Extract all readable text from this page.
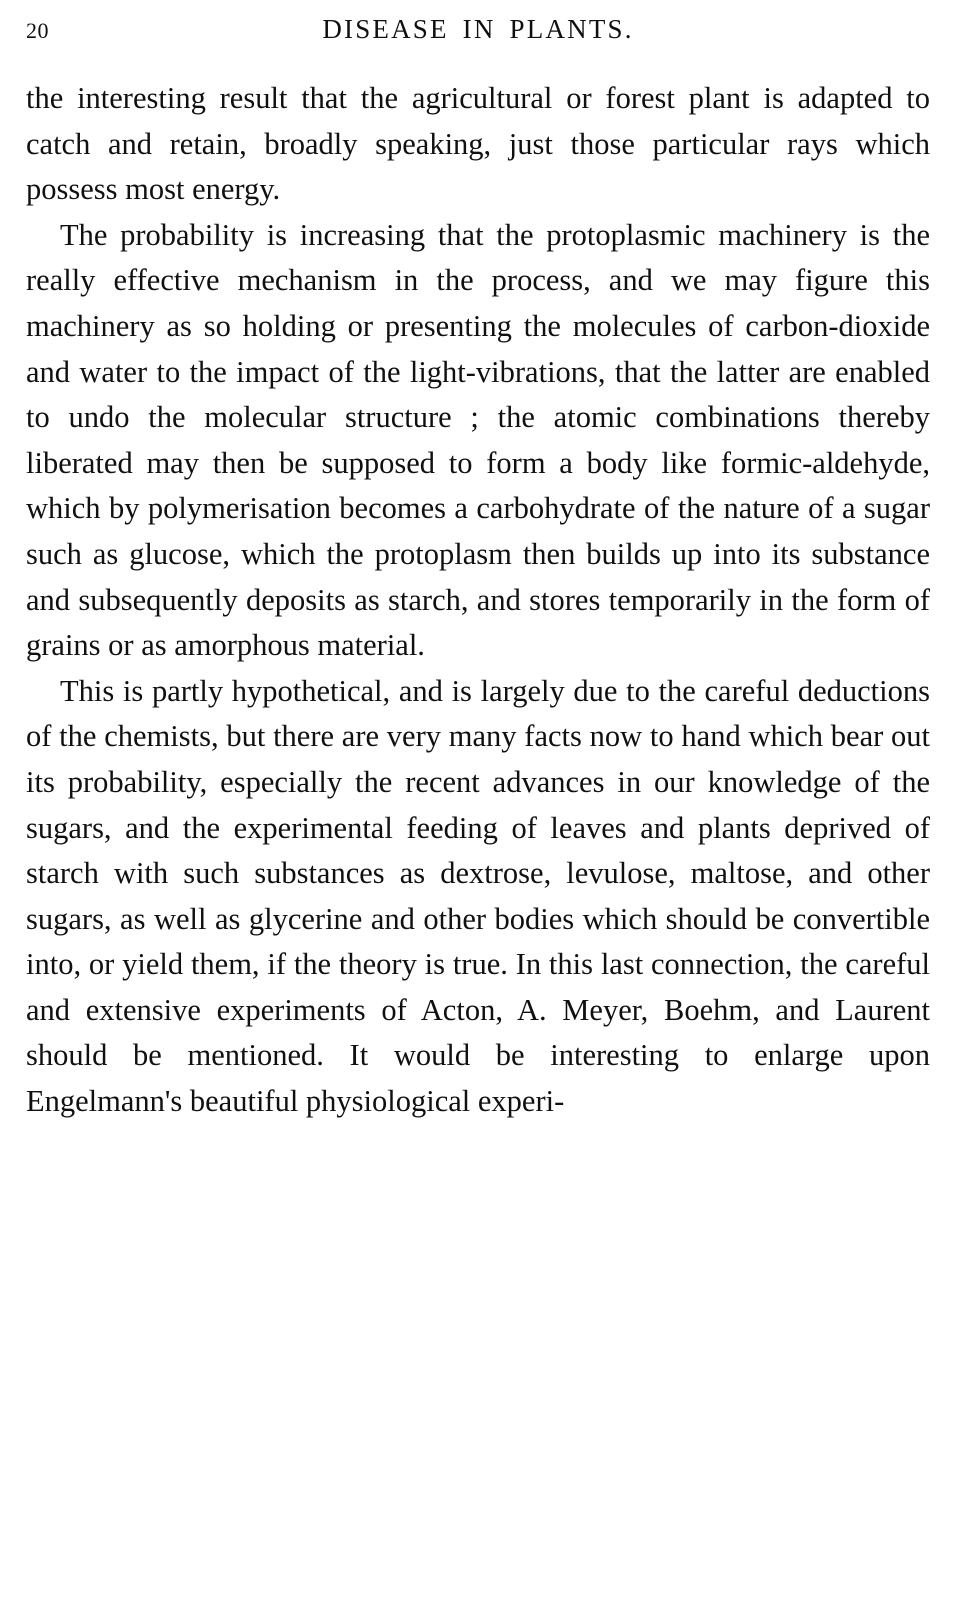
20	DISEASE IN PLANTS.

the interesting result that the agricultural or forest plant is adapted to catch and retain, broadly speaking, just those particular rays which possess most energy.

The probability is increasing that the protoplasmic machinery is the really effective mechanism in the process, and we may figure this machinery as so holding or presenting the molecules of carbon-dioxide and water to the impact of the light-vibrations, that the latter are enabled to undo the molecular structure ; the atomic combinations thereby liberated may then be supposed to form a body like formic-aldehyde, which by polymerisation becomes a carbohydrate of the nature of a sugar such as glucose, which the protoplasm then builds up into its substance and subsequently deposits as starch, and stores temporarily in the form of grains or as amorphous material.

This is partly hypothetical, and is largely due to the careful deductions of the chemists, but there are very many facts now to hand which bear out its probability, especially the recent advances in our knowledge of the sugars, and the experimental feeding of leaves and plants deprived of starch with such substances as dextrose, levulose, maltose, and other sugars, as well as glycerine and other bodies which should be convertible into, or yield them, if the theory is true. In this last connection, the careful and extensive experiments of Acton, A. Meyer, Boehm, and Laurent should be mentioned. It would be interesting to enlarge upon Engelmann's beautiful physiological experi-
